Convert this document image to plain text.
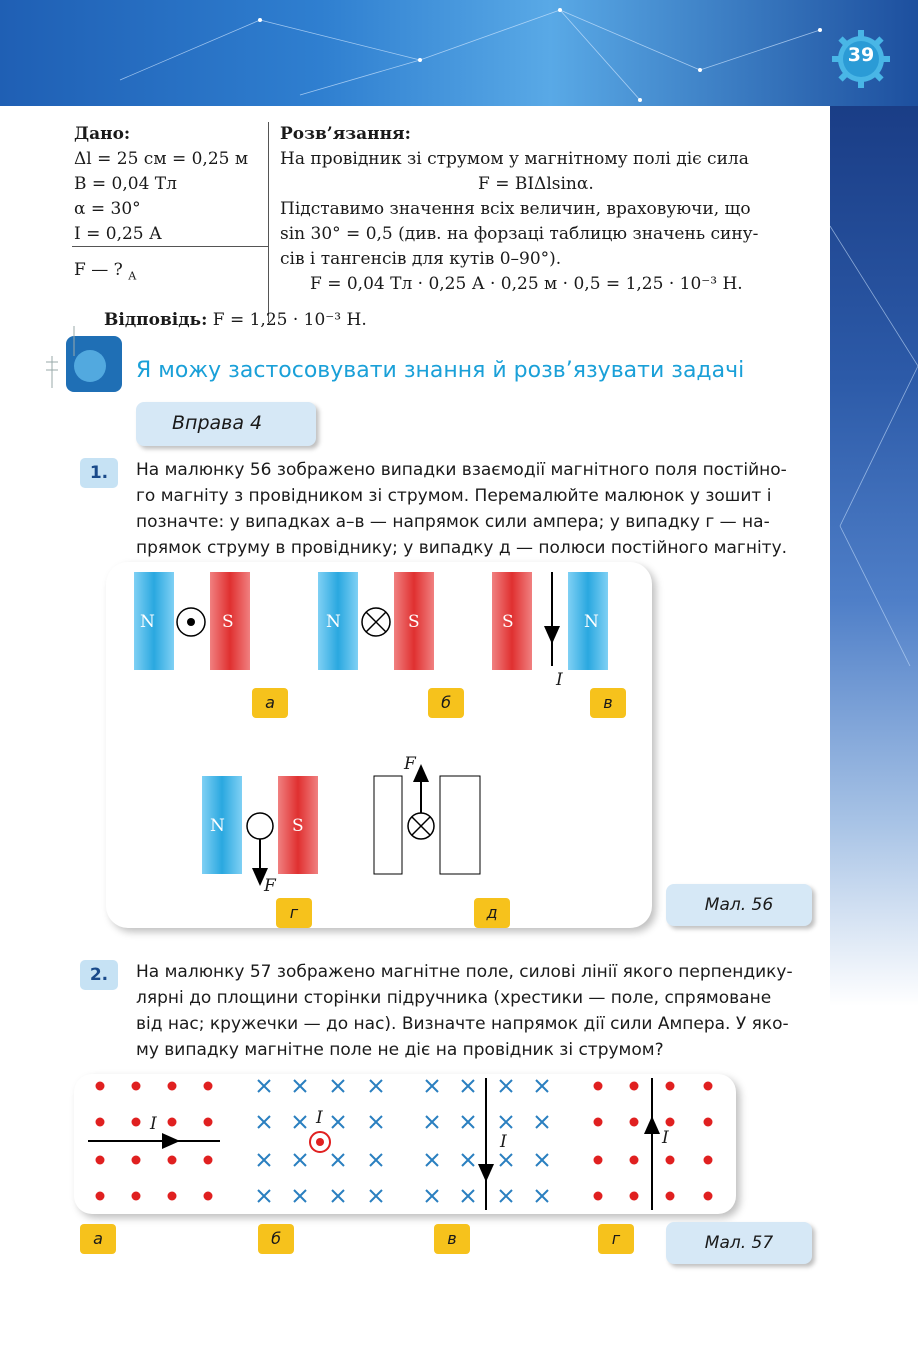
39
Дано:
Δl = 25 см = 0,25 м
B = 0,04 Тл
α = 30°
I = 0,25 А
F — ? $_А$
Розв’язання:
На провідник зі струмом у магнітному полі діє сила
F = BIΔlsinα.
Підставимо значення всіх величин, враховуючи, що
sin 30° = 0,5 (див. на форзаці таблицю значень сину-
сів і тангенсів для кутів 0–90°).
F = 0,04 Тл · 0,25 А · 0,25 м · 0,5 = 1,25 · 10⁻³ Н.
Відповідь: F = 1,25 · 10⁻³ Н.
Я можу застосовувати знання й розв’язувати задачі
Вправа 4
1.	На малюнку 56 зображено випадки взаємодії магнітного поля постійно-
го магніту з провідником зі струмом. Перемалюйте малюнок у зошит і
позначте: у випадках а–в — напрямок сили ампера; у випадку г — на-
прямок струму в провіднику; у випадку д — полюси постійного магніту.
N	S	N	S	S	N
N	S
I
F
F
а	б	в
г	д	Мал. 56
2.	На малюнку 57 зображено магнітне поле, силові лінії якого перпендику-
лярні до площини сторінки підручника (хрестики — поле, спрямоване
від нас; кружечки — до нас). Визначте напрямок дії сили Ампера. У яко-
му випадку магнітне поле не діє на провідник зі струмом?
I	I
I	I
а	б	в	г	Мал. 57
